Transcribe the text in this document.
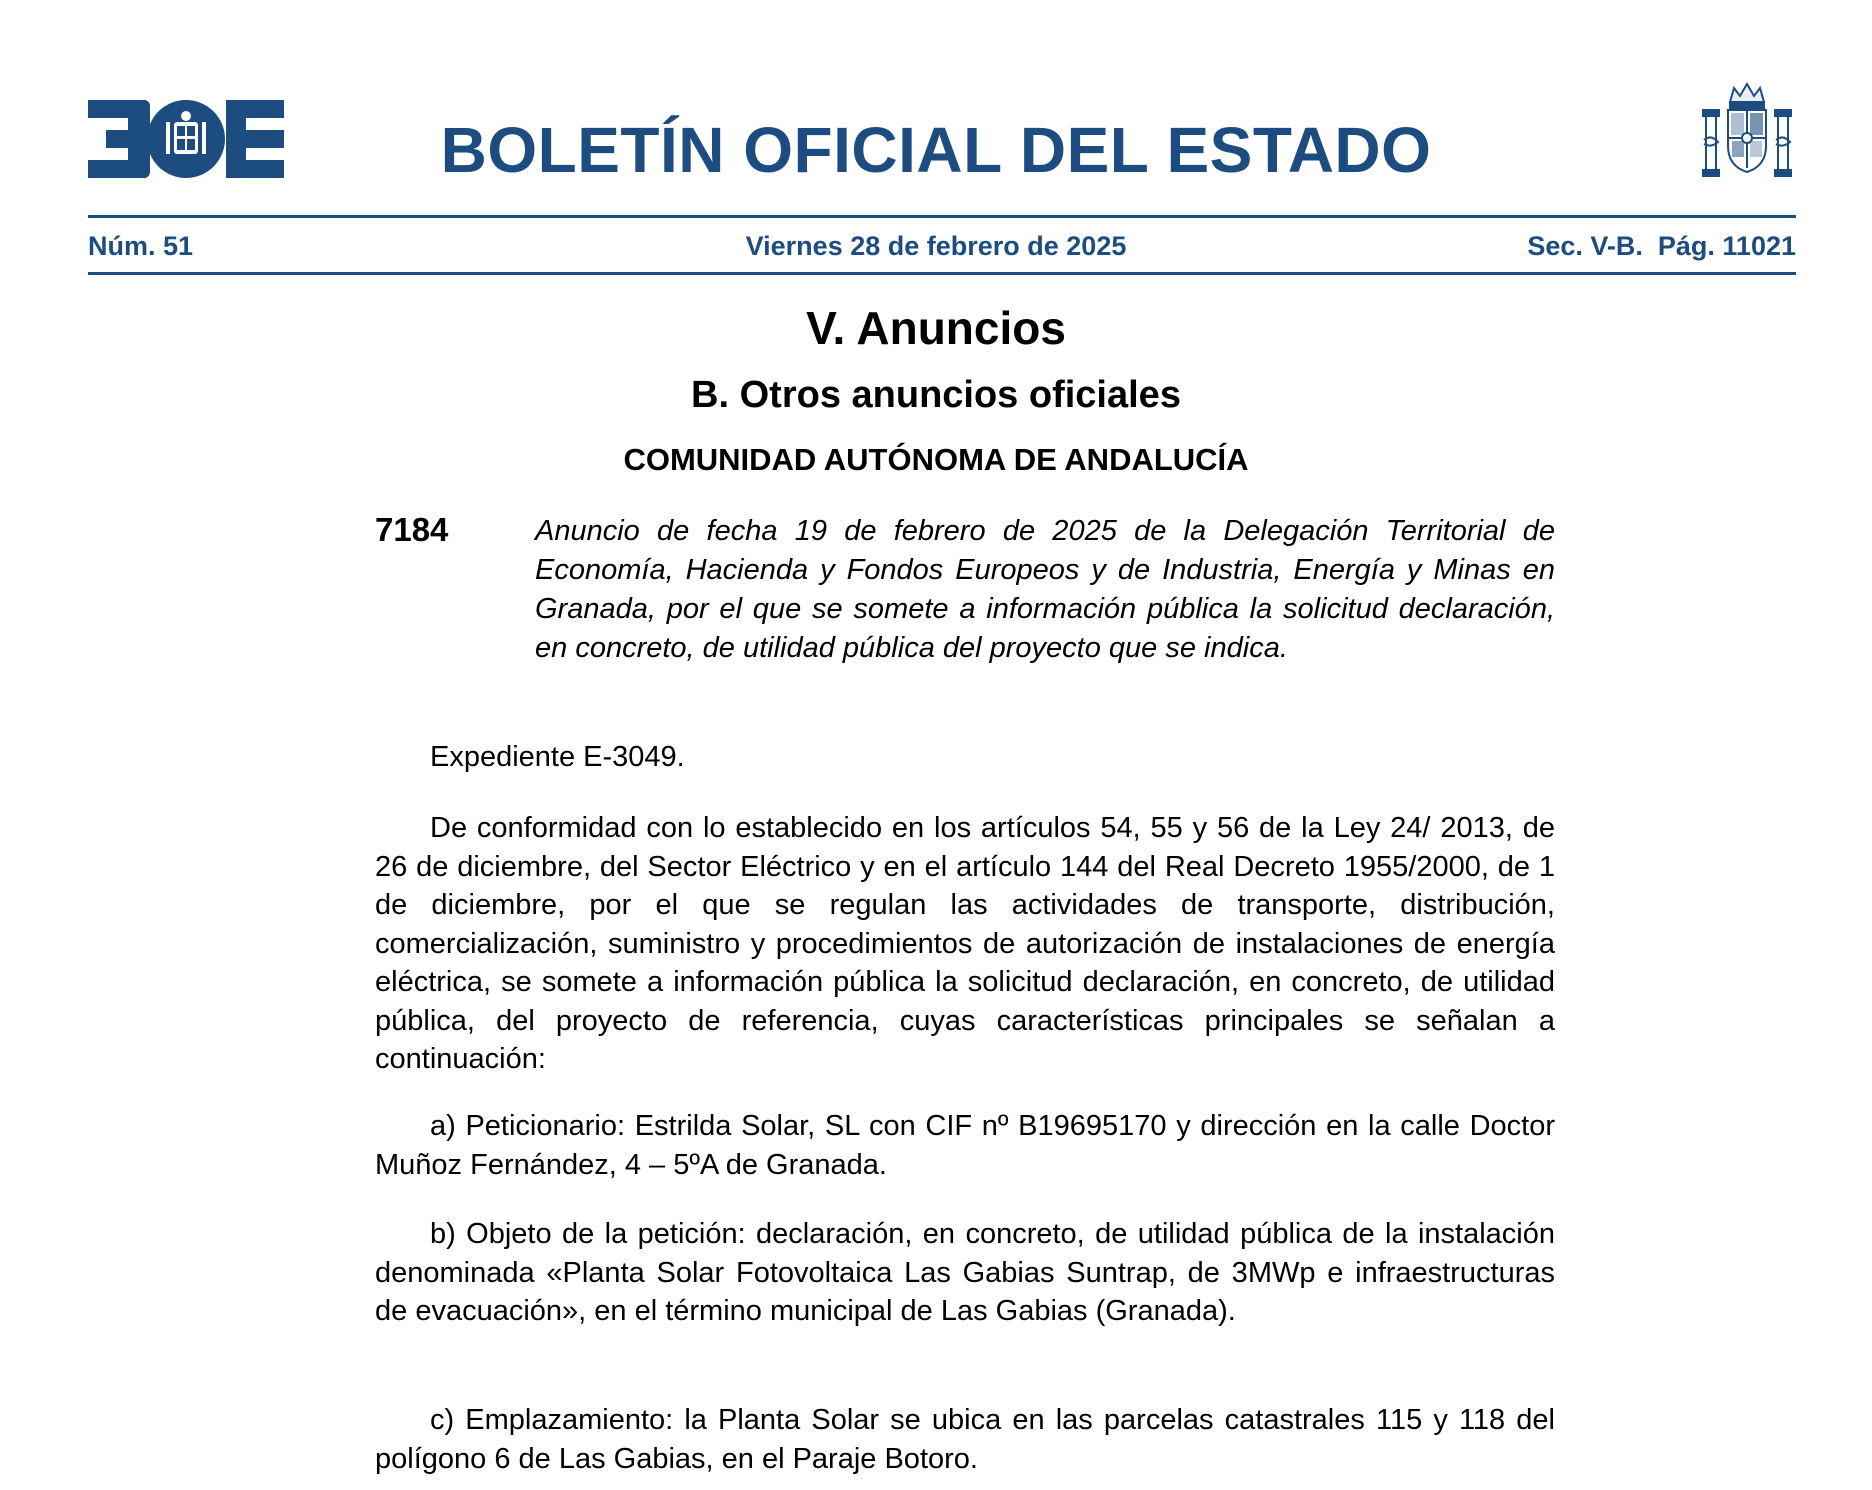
BOLETÍN OFICIAL DEL ESTADO
Núm. 51	Viernes 28 de febrero de 2025	Sec. V-B.  Pág. 11021
V. Anuncios
B. Otros anuncios oficiales
COMUNIDAD AUTÓNOMA DE ANDALUCÍA
7184	Anuncio de fecha 19 de febrero de 2025 de la Delegación Territorial de Economía, Hacienda y Fondos Europeos y de Industria, Energía y Minas en Granada, por el que se somete a información pública la solicitud declaración, en concreto, de utilidad pública del proyecto que se indica.
Expediente E-3049.
De conformidad con lo establecido en los artículos 54, 55 y 56 de la Ley 24/ 2013, de 26 de diciembre, del Sector Eléctrico y en el artículo 144 del Real Decreto 1955/2000, de 1 de diciembre, por el que se regulan las actividades de transporte, distribución, comercialización, suministro y procedimientos de autorización de instalaciones de energía eléctrica, se somete a información pública la solicitud declaración, en concreto, de utilidad pública, del proyecto de referencia, cuyas características principales se señalan a continuación:
a) Peticionario: Estrilda Solar, SL con CIF nº B19695170 y dirección en la calle Doctor Muñoz Fernández, 4 – 5ºA de Granada.
b) Objeto de la petición: declaración, en concreto, de utilidad pública de la instalación denominada «Planta Solar Fotovoltaica Las Gabias Suntrap, de 3MWp e infraestructuras de evacuación», en el término municipal de Las Gabias (Granada).
c) Emplazamiento: la Planta Solar se ubica en las parcelas catastrales 115 y 118 del polígono 6 de Las Gabias, en el Paraje Botoro.
